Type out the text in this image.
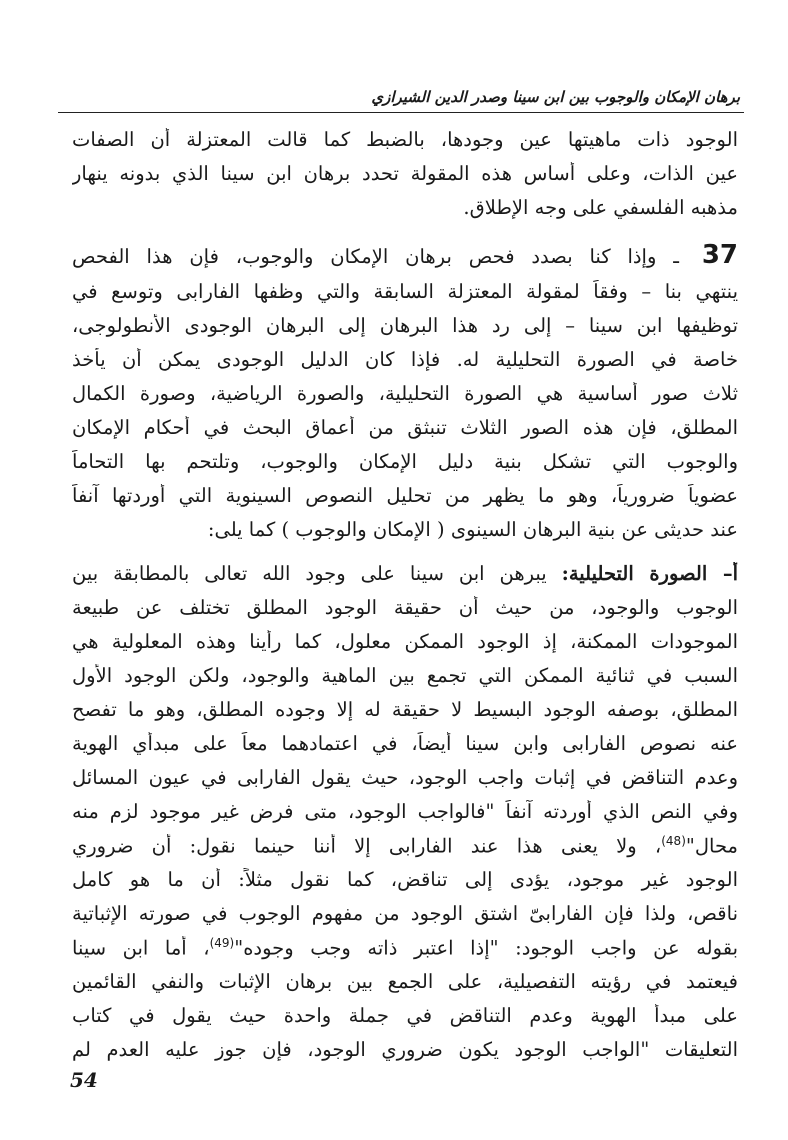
برهان الإمكان والوجوب بين ابن سينا وصدر الدين الشيرازي
الوجود ذات ماهيتها عين وجودها، بالضبط كما قالت المعتزلة أن الصفات
عين الذات، وعلى أساس هذه المقولة تحدد برهان ابن سينا الذي بدونه ينهار
مذهبه الفلسفي على وجه الإطلاق.
37 ـ وإذا كنا بصدد فحص برهان الإمكان والوجوب، فإن هذا الفحص
ينتهي بنا – وفقاً لمقولة المعتزلة السابقة والتي وظفها الفارابى وتوسع في
توظيفها ابن سينا – إلى رد هذا البرهان إلى البرهان الوجودى الأنطولوجى،
خاصة في الصورة التحليلية له. فإذا كان الدليل الوجودى يمكن أن يأخذ
ثلاث صور أساسية هي الصورة التحليلية، والصورة الرياضية، وصورة الكمال
المطلق، فإن هذه الصور الثلاث تنبثق من أعماق البحث في أحكام الإمكان
والوجوب التي تشكل بنية دليل الإمكان والوجوب، وتلتحم بها التحاماً
عضوياً ضرورياً، وهو ما يظهر من تحليل النصوص السينوية التي أوردتها آنفاً
عند حديثى عن بنية البرهان السينوى ( الإمكان والوجوب ) كما يلى:
أ– الصورة التحليلية: يبرهن ابن سينا على وجود الله تعالى بالمطابقة بين
الوجوب والوجود، من حيث أن حقيقة الوجود المطلق تختلف عن طبيعة
الموجودات الممكنة، إذ الوجود الممكن معلول، كما رأينا وهذه المعلولية هي
السبب في ثنائية الممكن التي تجمع بين الماهية والوجود، ولكن الوجود الأول
المطلق، بوصفه الوجود البسيط لا حقيقة له إلا وجوده المطلق، وهو ما تفصح
عنه نصوص الفارابى وابن سينا أيضاً، في اعتمادهما معاً على مبدأي الهوية
وعدم التناقض في إثبات واجب الوجود، حيث يقول الفارابى في عيون المسائل
وفي النص الذي أوردته آنفاً "فالواجب الوجود، متى فرض غير موجود لزم منه
محال"$^{(48)}$، ولا يعنى هذا عند الفارابى إلا أننا حينما نقول: أن ضروري
الوجود غير موجود، يؤدى إلى تناقض، كما نقول مثلاً: أن ما هو كامل
ناقص، ولذا فإن الفارابىّ اشتق الوجود من مفهوم الوجوب في صورته الإثباتية
بقوله عن واجب الوجود: "إذا اعتبر ذاته وجب وجوده"$^{(49)}$، أما ابن سينا
فيعتمد في رؤيته التفصيلية، على الجمع بين برهان الإثبات والنفي القائمين
على مبدأ الهوية وعدم التناقض في جملة واحدة حيث يقول في كتاب
التعليقات "الواجب الوجود يكون ضروري الوجود، فإن جوز عليه العدم لم
54
